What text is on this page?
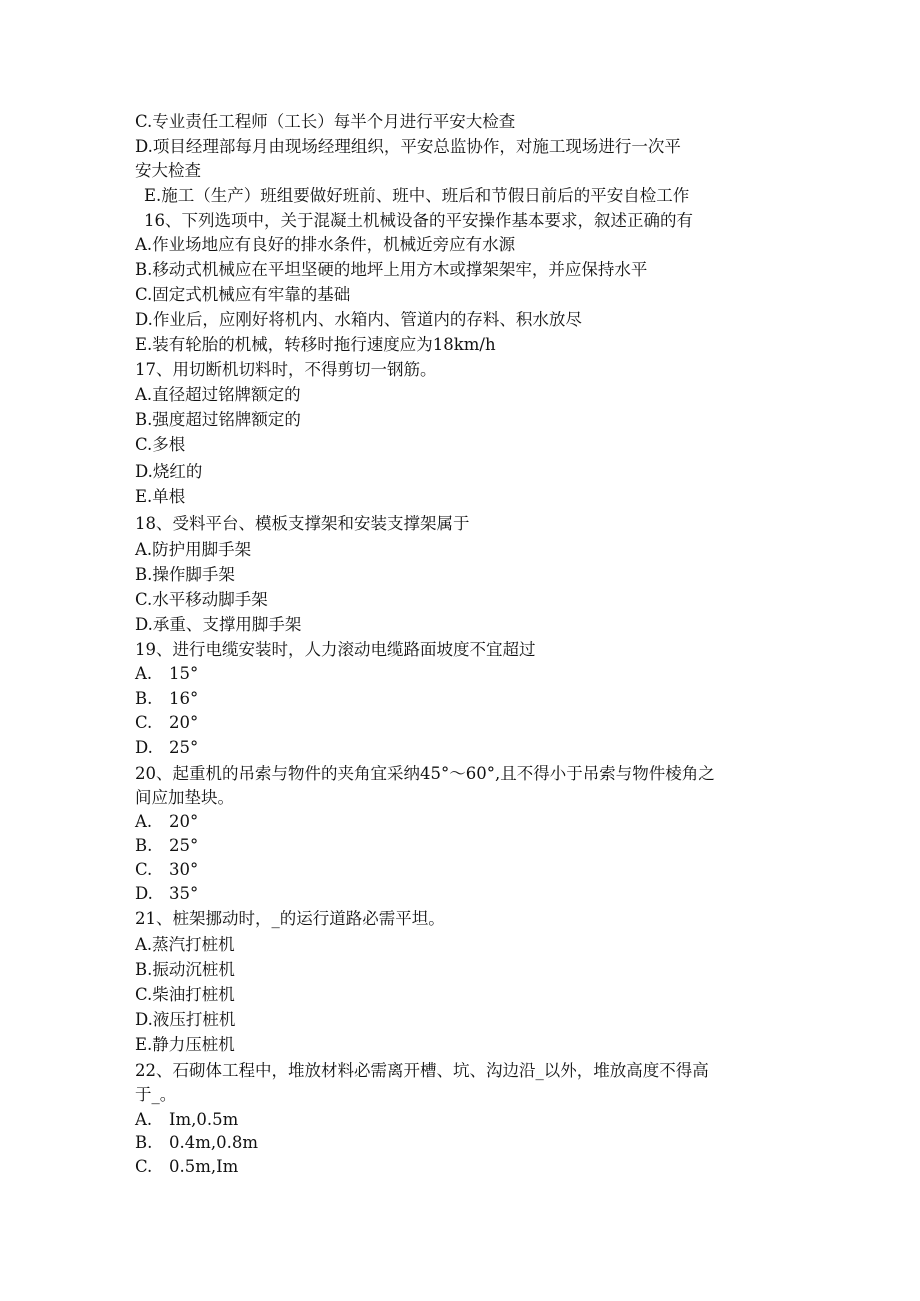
C.专业责任工程师（工长）每半个月进行平安大检查
D.项目经理部每月由现场经理组织，平安总监协作，对施工现场进行一次平
安大检查
E.施工（生产）班组要做好班前、班中、班后和节假日前后的平安自检工作
16、下列选项中，关于混凝土机械设备的平安操作基本要求，叙述正确的有
A.作业场地应有良好的排水条件，机械近旁应有水源
B.移动式机械应在平坦坚硬的地坪上用方木或撑架架牢，并应保持水平
C.固定式机械应有牢靠的基础
D.作业后，应刚好将机内、水箱内、管道内的存料、积水放尽
E.装有轮胎的机械，转移时拖行速度应为18km/h
17、用切断机切料时，不得剪切一钢筋。
A.直径超过铭牌额定的
B.强度超过铭牌额定的
C.多根
D.烧红的
E.单根
18、受料平台、模板支撑架和安装支撑架属于
A.防护用脚手架
B.操作脚手架
C.水平移动脚手架
D.承重、支撑用脚手架
19、进行电缆安装时，人力滚动电缆路面坡度不宜超过
A. 15°
B. 16°
C. 20°
D. 25°
20、起重机的吊索与物件的夹角宜采纳45°～60°,且不得小于吊索与物件棱角之
间应加垫块。
A. 20°
B. 25°
C. 30°
D. 35°
21、桩架挪动时，_的运行道路必需平坦。
A.蒸汽打桩机
B.振动沉桩机
C.柴油打桩机
D.液压打桩机
E.静力压桩机
22、石砌体工程中，堆放材料必需离开槽、坑、沟边沿_以外，堆放高度不得高
于_。
A. Im,0.5m
B. 0.4m,0.8m
C. 0.5m,Im
